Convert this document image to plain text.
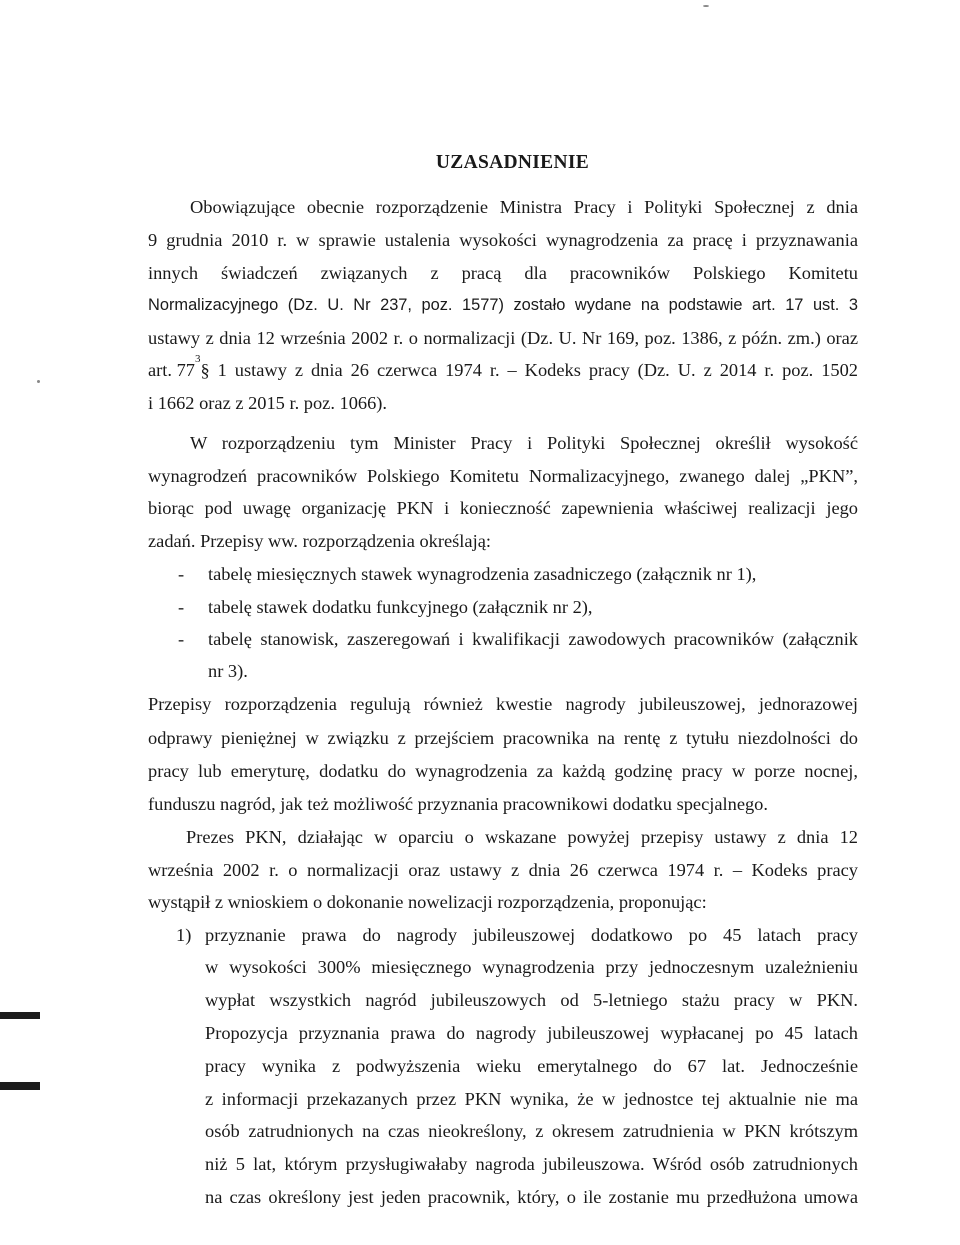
UZASADNIENIE
Obowiązujące obecnie rozporządzenie Ministra Pracy i Polityki Społecznej z dnia
9 grudnia 2010 r. w sprawie ustalenia wysokości wynagrodzenia za pracę i przyznawania
innych świadczeń związanych z pracą dla pracowników Polskiego Komitetu
Normalizacyjnego (Dz. U. Nr 237, poz. 1577) zostało wydane na podstawie art. 17 ust. 3
ustawy z dnia 12 września 2002 r. o normalizacji (Dz. U. Nr 169, poz. 1386, z późn. zm.) oraz
art. 77
3
§ 1 ustawy z dnia 26 czerwca 1974 r. – Kodeks pracy (Dz. U. z 2014 r. poz. 1502
i 1662 oraz z 2015 r. poz. 1066).
W rozporządzeniu tym Minister Pracy i Polityki Społecznej określił wysokość
wynagrodzeń pracowników Polskiego Komitetu Normalizacyjnego, zwanego dalej „PKN”,
biorąc pod uwagę organizację PKN i konieczność zapewnienia właściwej realizacji jego
zadań. Przepisy ww. rozporządzenia określają:
- tabelę miesięcznych stawek wynagrodzenia zasadniczego (załącznik nr 1),
- tabelę stawek dodatku funkcyjnego (załącznik nr 2),
- tabelę stanowisk, zaszeregowań i kwalifikacji zawodowych pracowników (załącznik
nr 3).
Przepisy rozporządzenia regulują również kwestie nagrody jubileuszowej, jednorazowej
odprawy pieniężnej w związku z przejściem pracownika na rentę z tytułu niezdolności do
pracy lub emeryturę, dodatku do wynagrodzenia za każdą godzinę pracy w porze nocnej,
funduszu nagród, jak też możliwość przyznania pracownikowi dodatku specjalnego.
Prezes PKN, działając w oparciu o wskazane powyżej przepisy ustawy z dnia 12
września 2002 r. o normalizacji oraz ustawy z dnia 26 czerwca 1974 r. – Kodeks pracy
wystąpił z wnioskiem o dokonanie nowelizacji rozporządzenia, proponując:
1) przyznanie prawa do nagrody jubileuszowej dodatkowo po 45 latach pracy
w wysokości 300% miesięcznego wynagrodzenia przy jednoczesnym uzależnieniu
wypłat wszystkich nagród jubileuszowych od 5-letniego stażu pracy w PKN.
Propozycja przyznania prawa do nagrody jubileuszowej wypłacanej po 45 latach
pracy wynika z podwyższenia wieku emerytalnego do 67 lat. Jednocześnie
z informacji przekazanych przez PKN wynika, że w jednostce tej aktualnie nie ma
osób zatrudnionych na czas nieokreślony, z okresem zatrudnienia w PKN krótszym
niż 5 lat, którym przysługiwałaby nagroda jubileuszowa. Wśród osób zatrudnionych
na czas określony jest jeden pracownik, który, o ile zostanie mu przedłużona umowa
